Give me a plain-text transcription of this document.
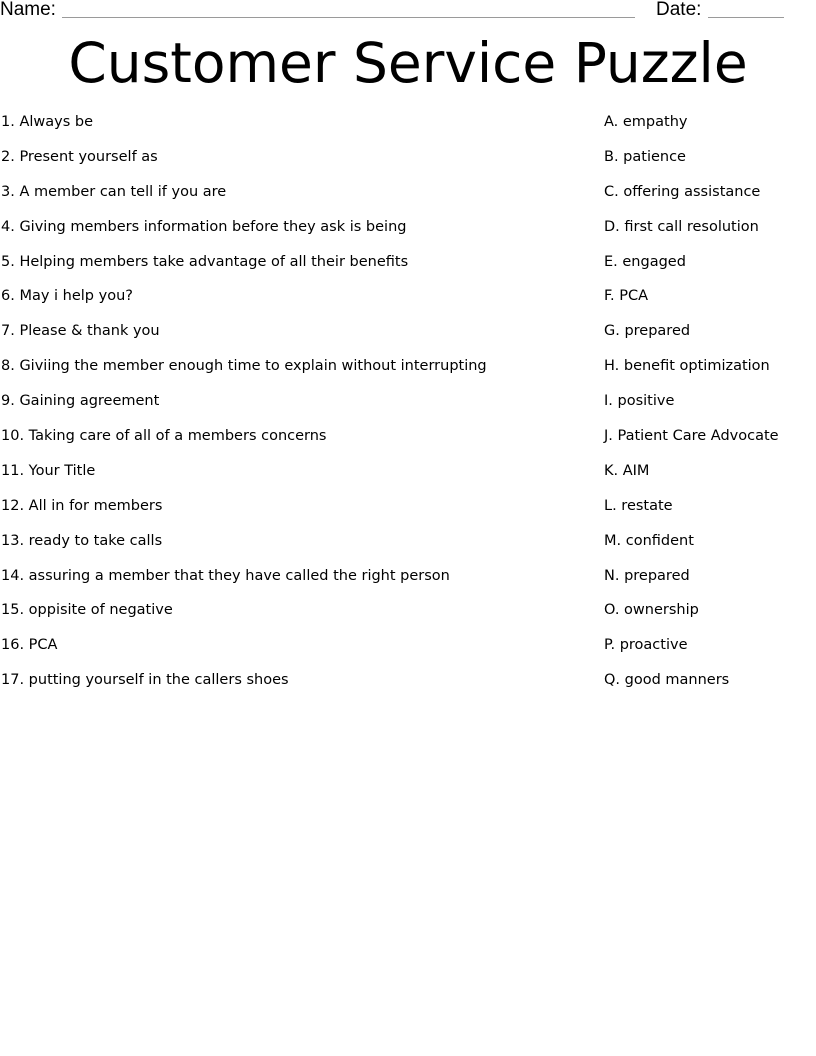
Name:	Date:
Customer Service Puzzle
1. Always be
2. Present yourself as
3. A member can tell if you are
4. Giving members information before they ask is being
5. Helping members take advantage of all their benefits
6. May i help you?
7. Please & thank you
8. Giviing the member enough time to explain without interrupting
9. Gaining agreement
10. Taking care of all of a members concerns
11. Your Title
12. All in for members
13. ready to take calls
14. assuring a member that they have called the right person
15. oppisite of negative
16. PCA
17. putting yourself in the callers shoes
A. empathy
B. patience
C. offering assistance
D. first call resolution
E. engaged
F. PCA
G. prepared
H. benefit optimization
I. positive
J. Patient Care Advocate
K. AIM
L. restate
M. confident
N. prepared
O. ownership
P. proactive
Q. good manners
